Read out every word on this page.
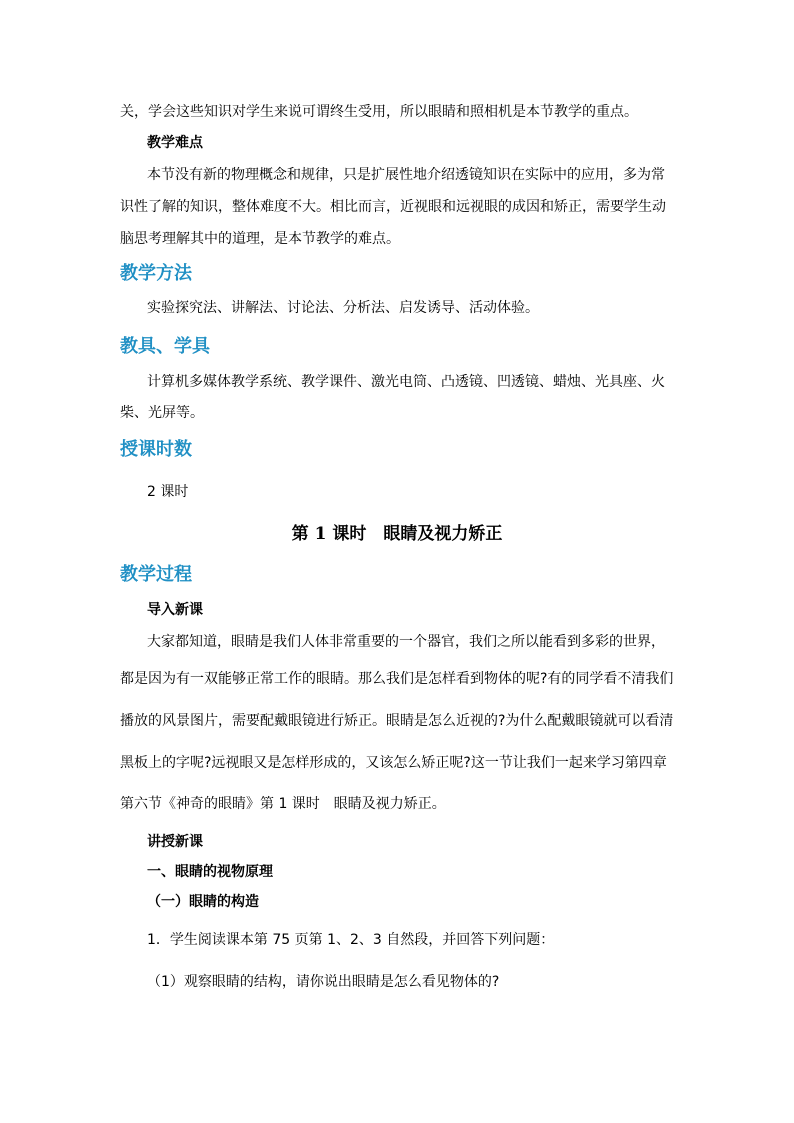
关，学会这些知识对学生来说可谓终生受用，所以眼睛和照相机是本节教学的重点。
教学难点
本节没有新的物理概念和规律，只是扩展性地介绍透镜知识在实际中的应用，多为常
识性了解的知识，整体难度不大。相比而言，近视眼和远视眼的成因和矫正，需要学生动
脑思考理解其中的道理，是本节教学的难点。
教学方法
实验探究法、讲解法、讨论法、分析法、启发诱导、活动体验。
教具、学具
计算机多媒体教学系统、教学课件、激光电筒、凸透镜、凹透镜、蜡烛、光具座、火
柴、光屏等。
授课时数
2 课时
第 1 课时　眼睛及视力矫正
教学过程
导入新课
大家都知道，眼睛是我们人体非常重要的一个器官，我们之所以能看到多彩的世界，
都是因为有一双能够正常工作的眼睛。那么我们是怎样看到物体的呢?有的同学看不清我们
播放的风景图片，需要配戴眼镜进行矫正。眼睛是怎么近视的?为什么配戴眼镜就可以看清
黑板上的字呢?远视眼又是怎样形成的，又该怎么矫正呢?这一节让我们一起来学习第四章
第六节《神奇的眼睛》第 1 课时　眼睛及视力矫正。
讲授新课
一、眼睛的视物原理
（一）眼睛的构造
1．学生阅读课本第 75 页第 1、2、3 自然段，并回答下列问题：
（1）观察眼睛的结构，请你说出眼睛是怎么看见物体的?
